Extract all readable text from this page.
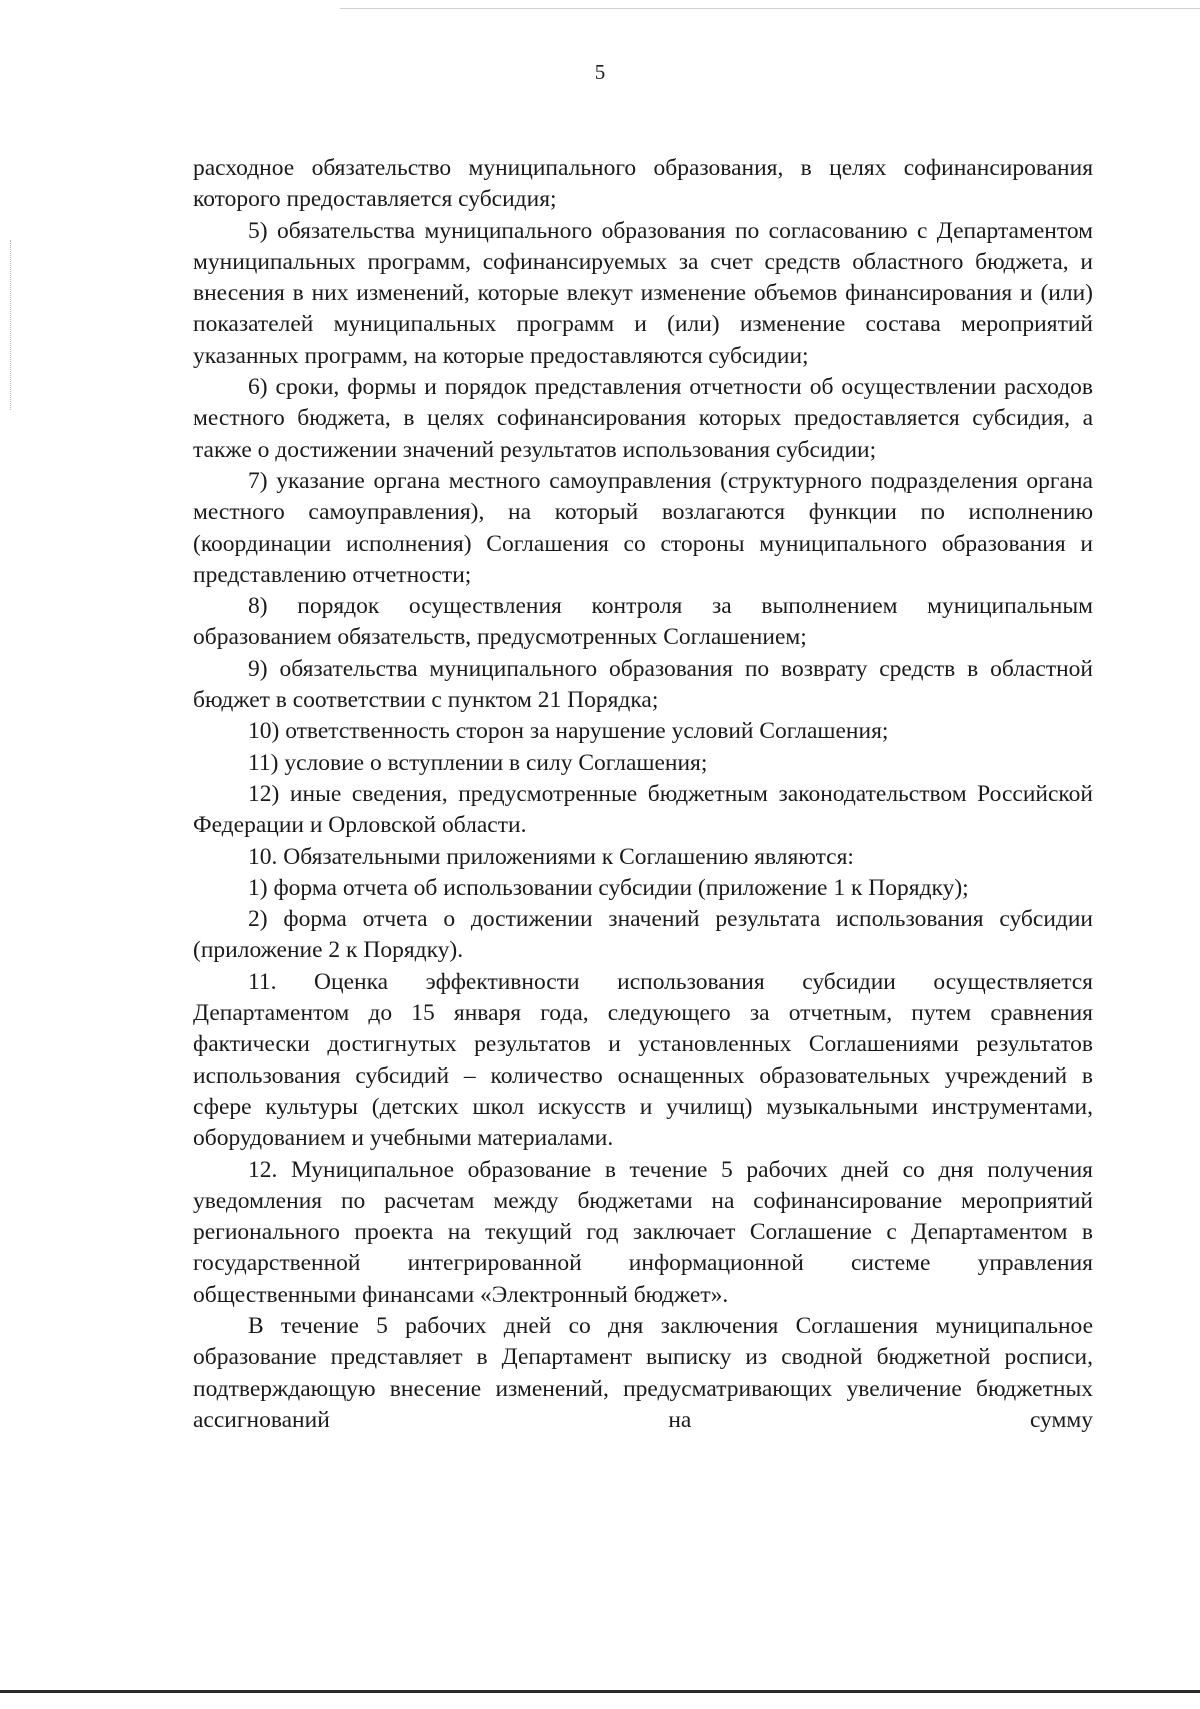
5

расходное обязательство муниципального образования, в целях софинансирования которого предоставляется субсидия;

5) обязательства муниципального образования по согласованию с Департаментом муниципальных программ, софинансируемых за счет средств областного бюджета, и внесения в них изменений, которые влекут изменение объемов финансирования и (или) показателей муниципальных программ и (или) изменение состава мероприятий указанных программ, на которые предоставляются субсидии;

6) сроки, формы и порядок представления отчетности об осуществлении расходов местного бюджета, в целях софинансирования которых предоставляется субсидия, а также о достижении значений результатов использования субсидии;

7) указание органа местного самоуправления (структурного подразделения органа местного самоуправления), на который возлагаются функции по исполнению (координации исполнения) Соглашения со стороны муниципального образования и представлению отчетности;

8) порядок осуществления контроля за выполнением муниципальным образованием обязательств, предусмотренных Соглашением;

9) обязательства муниципального образования по возврату средств в областной бюджет в соответствии с пунктом 21 Порядка;

10) ответственность сторон за нарушение условий Соглашения;

11) условие о вступлении в силу Соглашения;

12) иные сведения, предусмотренные бюджетным законодательством Российской Федерации и Орловской области.

10. Обязательными приложениями к Соглашению являются:

1) форма отчета об использовании субсидии (приложение 1 к Порядку);

2) форма отчета о достижении значений результата использования субсидии (приложение 2 к Порядку).

11. Оценка эффективности использования субсидии осуществляется Департаментом до 15 января года, следующего за отчетным, путем сравнения фактически достигнутых результатов и установленных Соглашениями результатов использования субсидий – количество оснащенных образовательных учреждений в сфере культуры (детских школ искусств и училищ) музыкальными инструментами, оборудованием и учебными материалами.

12. Муниципальное образование в течение 5 рабочих дней со дня получения уведомления по расчетам между бюджетами на софинансирование мероприятий регионального проекта на текущий год заключает Соглашение с Департаментом в государственной интегрированной информационной системе управления общественными финансами «Электронный бюджет».

В течение 5 рабочих дней со дня заключения Соглашения муниципальное образование представляет в Департамент выписку из сводной бюджетной росписи, подтверждающую внесение изменений, предусматривающих увеличение бюджетных ассигнований на сумму
